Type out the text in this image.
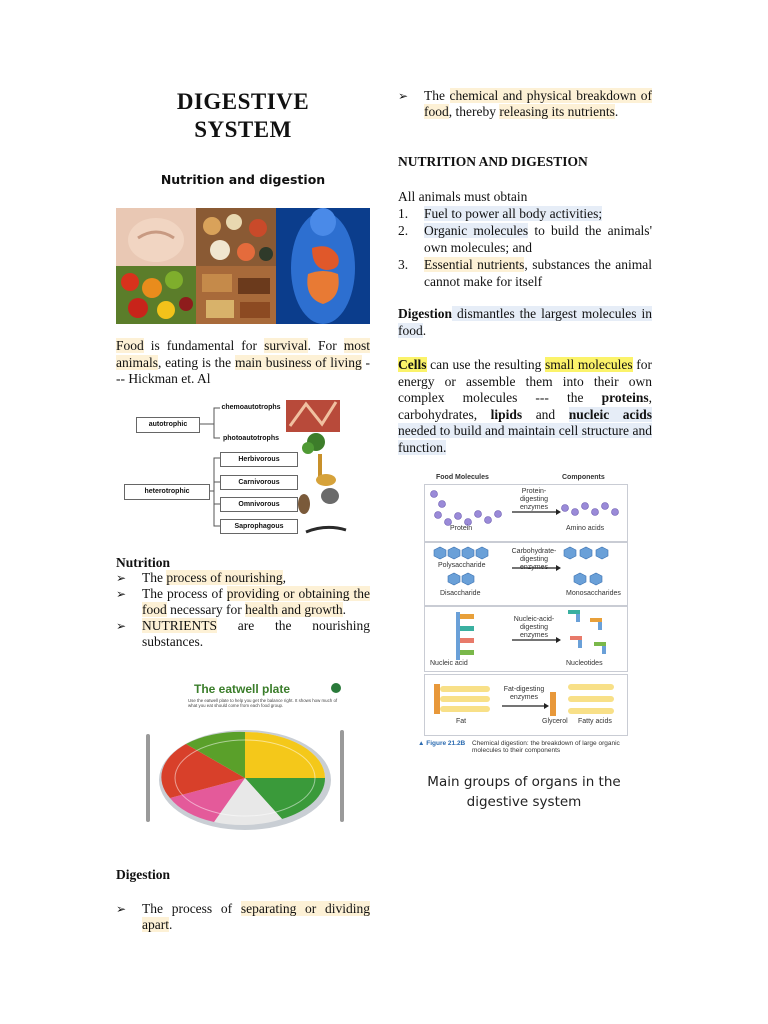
DIGESTIVE
SYSTEM
Nutrition and digestion
Food is fundamental for survival. For most animals, eating is the main business of living --- Hickman et. Al
autotrophic
heterotrophic
chemoautotrophs
photoautotrophs
Herbivorous
Carnivorous
Omnivorous
Saprophagous
Nutrition
➢ The process of nourishing,
➢ The process of providing or obtaining the food necessary for health and growth.
➢ NUTRIENTS are the nourishing substances.
The eatwell plate
Use the eatwell plate to help you get the balance right. It shows how much of what you eat should come from each food group.
Digestion
➢ The process of separating or dividing apart.
➢ The chemical and physical breakdown of food, thereby releasing its nutrients.
NUTRITION AND DIGESTION
All animals must obtain
1. Fuel to power all body activities;
2. Organic molecules to build the animals' own molecules; and
3. Essential nutrients, substances the animal cannot make for itself
Digestion dismantles the largest molecules in food.
Cells can use the resulting small molecules for energy or assemble them into their own complex molecules --- the proteins, carbohydrates, lipids and nucleic acids needed to build and maintain cell structure and function.
Food Molecules	Components
Protein
Protein-digesting enzymes
Amino acids
Polysaccharide
Disaccharide
Carbohydrate-digesting enzymes
Monosaccharides
Nucleic acid
Nucleic-acid-digesting enzymes
Nucleotides
Fat
Fat-digesting enzymes
Glycerol Fatty acids
▲ Figure 21.2B Chemical digestion: the breakdown of large organic molecules to their components
Main groups of organs in the digestive system
